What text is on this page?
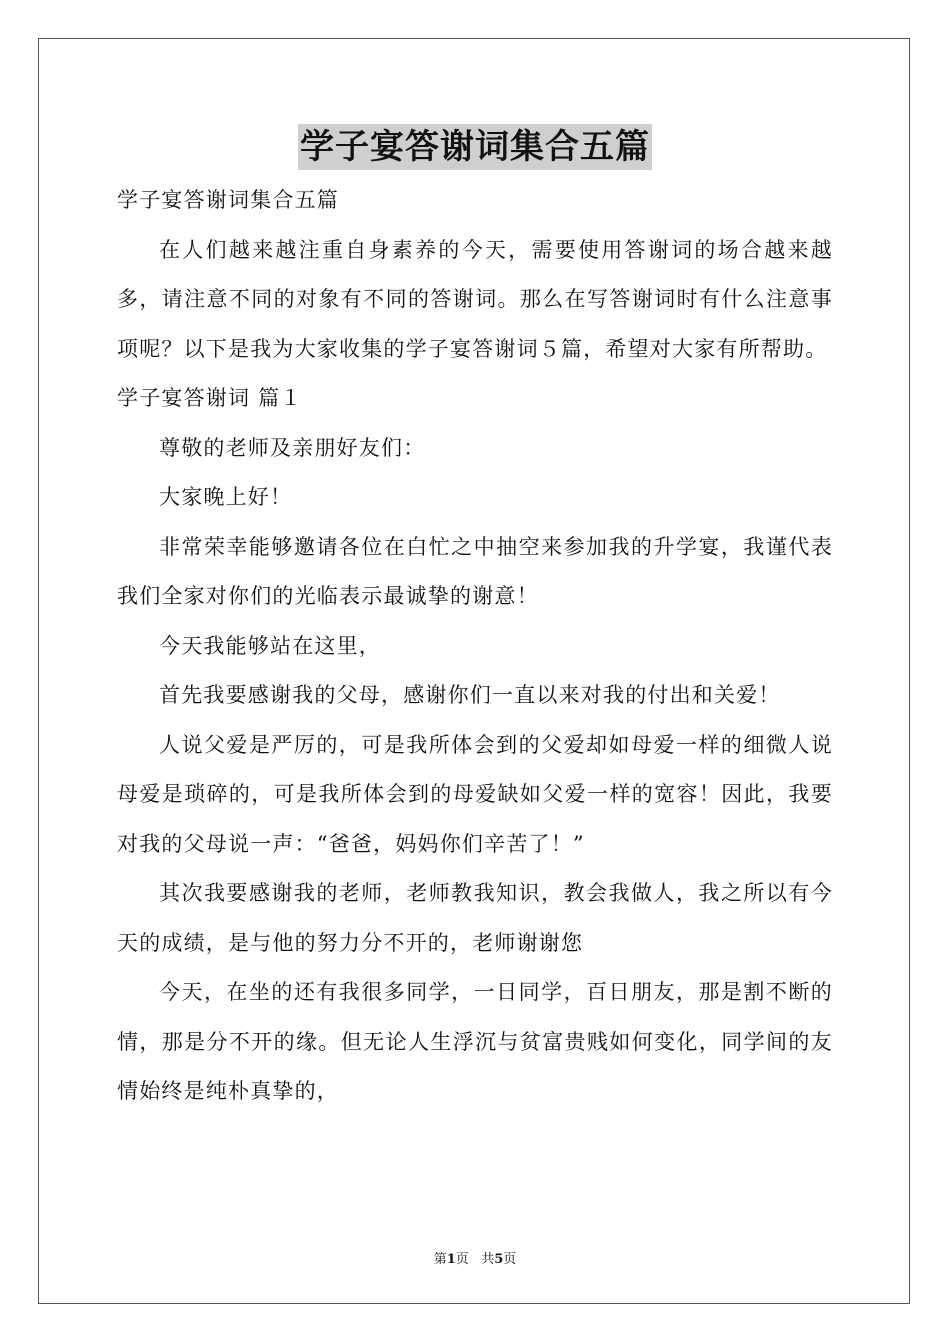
学子宴答谢词集合五篇

学子宴答谢词集合五篇

在人们越来越注重自身素养的今天，需要使用答谢词的场合越来越多，请注意不同的对象有不同的答谢词。那么在写答谢词时有什么注意事项呢？以下是我为大家收集的学子宴答谢词５篇，希望对大家有所帮助。

学子宴答谢词 篇１

尊敬的老师及亲朋好友们：

大家晚上好！

非常荣幸能够邀请各位在白忙之中抽空来参加我的升学宴，我谨代表我们全家对你们的光临表示最诚挚的谢意！

今天我能够站在这里，

首先我要感谢我的父母，感谢你们一直以来对我的付出和关爱！

人说父爱是严厉的，可是我所体会到的父爱却如母爱一样的细微人说母爱是琐碎的，可是我所体会到的母爱缺如父爱一样的宽容！因此，我要对我的父母说一声：“爸爸，妈妈你们辛苦了！”

其次我要感谢我的老师，老师教我知识，教会我做人，我之所以有今天的成绩，是与他的努力分不开的，老师谢谢您

今天，在坐的还有我很多同学，一日同学，百日朋友，那是割不断的情，那是分不开的缘。但无论人生浮沉与贫富贵贱如何变化，同学间的友情始终是纯朴真挚的，

第1页 共5页
